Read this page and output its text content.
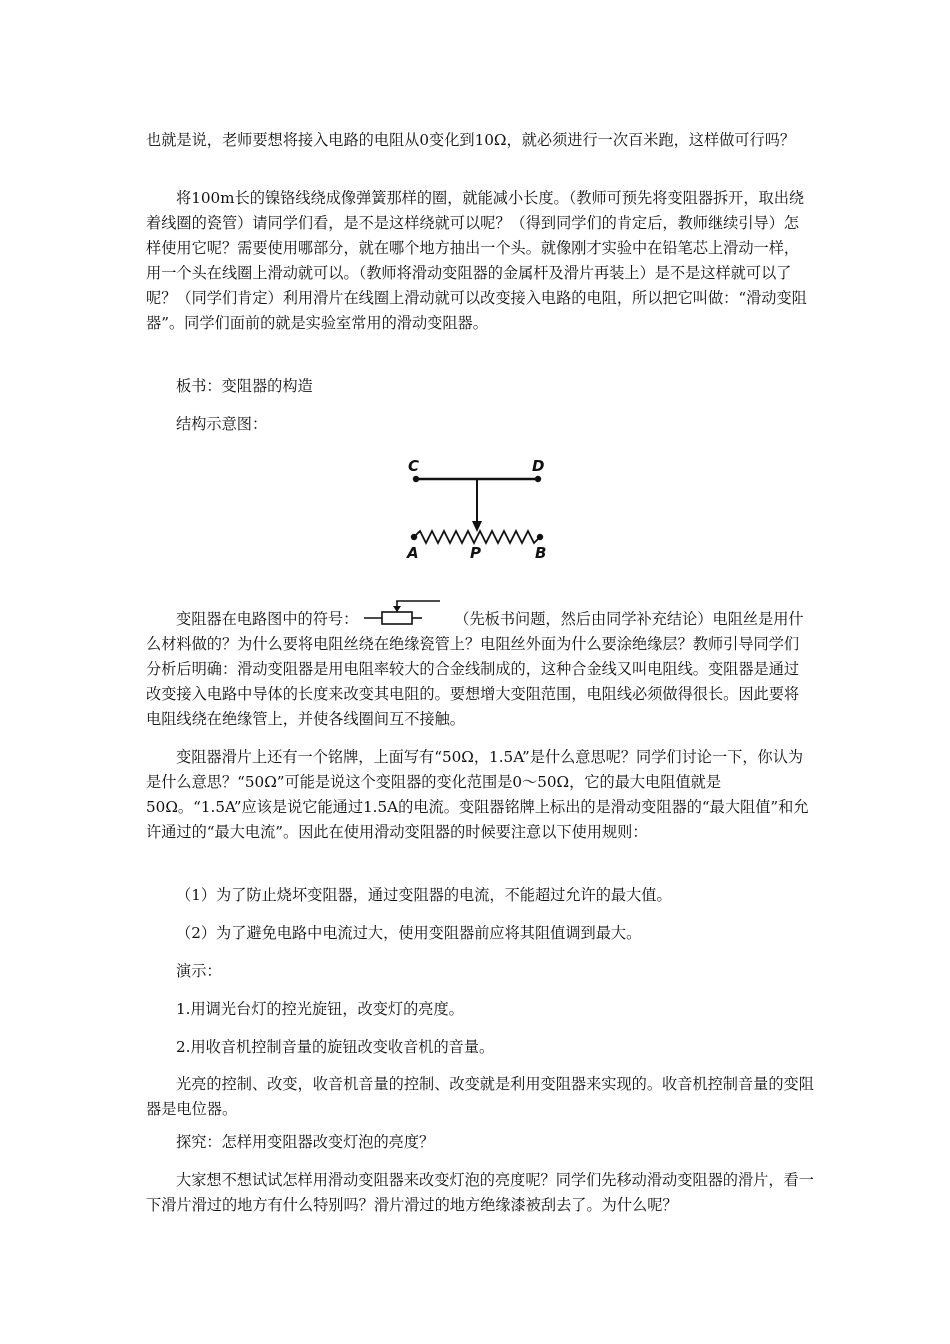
也就是说，老师要想将接入电路的电阻从0变化到10Ω，就必须进行一次百米跑，这样做可行吗？

将100m长的镍铬线绕成像弹簧那样的圈，就能减小长度。（教师可预先将变阻器拆开，取出绕着线圈的瓷管）请同学们看，是不是这样绕就可以呢？（得到同学们的肯定后，教师继续引导）怎样使用它呢？需要使用哪部分，就在哪个地方抽出一个头。就像刚才实验中在铅笔芯上滑动一样，用一个头在线圈上滑动就可以。（教师将滑动变阻器的金属杆及滑片再装上）是不是这样就可以了呢？（同学们肯定）利用滑片在线圈上滑动就可以改变接入电路的电阻，所以把它叫做：“滑动变阻器”。同学们面前的就是实验室常用的滑动变阻器。

板书：变阻器的构造

结构示意图：

C	D
A	P	B

变阻器在电路图中的符号：	（先板书问题，然后由同学补充结论）电阻丝是用什么材料做的？为什么要将电阻丝绕在绝缘瓷管上？电阻丝外面为什么要涂绝缘层？教师引导同学们分析后明确：滑动变阻器是用电阻率较大的合金线制成的，这种合金线又叫电阻线。变阻器是通过改变接入电路中导体的长度来改变其电阻的。要想增大变阻范围，电阻线必须做得很长。因此要将电阻线绕在绝缘管上，并使各线圈间互不接触。

变阻器滑片上还有一个铭牌，上面写有“50Ω，1.5A”是什么意思呢？同学们讨论一下，你认为是什么意思？“50Ω”可能是说这个变阻器的变化范围是0～50Ω，它的最大电阻值就是50Ω。“1.5A”应该是说它能通过1.5A的电流。变阻器铭牌上标出的是滑动变阻器的“最大阻值”和允许通过的“最大电流”。因此在使用滑动变阻器的时候要注意以下使用规则：

（1）为了防止烧坏变阻器，通过变阻器的电流，不能超过允许的最大值。

（2）为了避免电路中电流过大，使用变阻器前应将其阻值调到最大。

演示：

1.用调光台灯的控光旋钮，改变灯的亮度。

2.用收音机控制音量的旋钮改变收音机的音量。

光亮的控制、改变，收音机音量的控制、改变就是利用变阻器来实现的。收音机控制音量的变阻器是电位器。

探究：怎样用变阻器改变灯泡的亮度？

大家想不想试试怎样用滑动变阻器来改变灯泡的亮度呢？同学们先移动滑动变阻器的滑片，看一下滑片滑过的地方有什么特别吗？滑片滑过的地方绝缘漆被刮去了。为什么呢？
